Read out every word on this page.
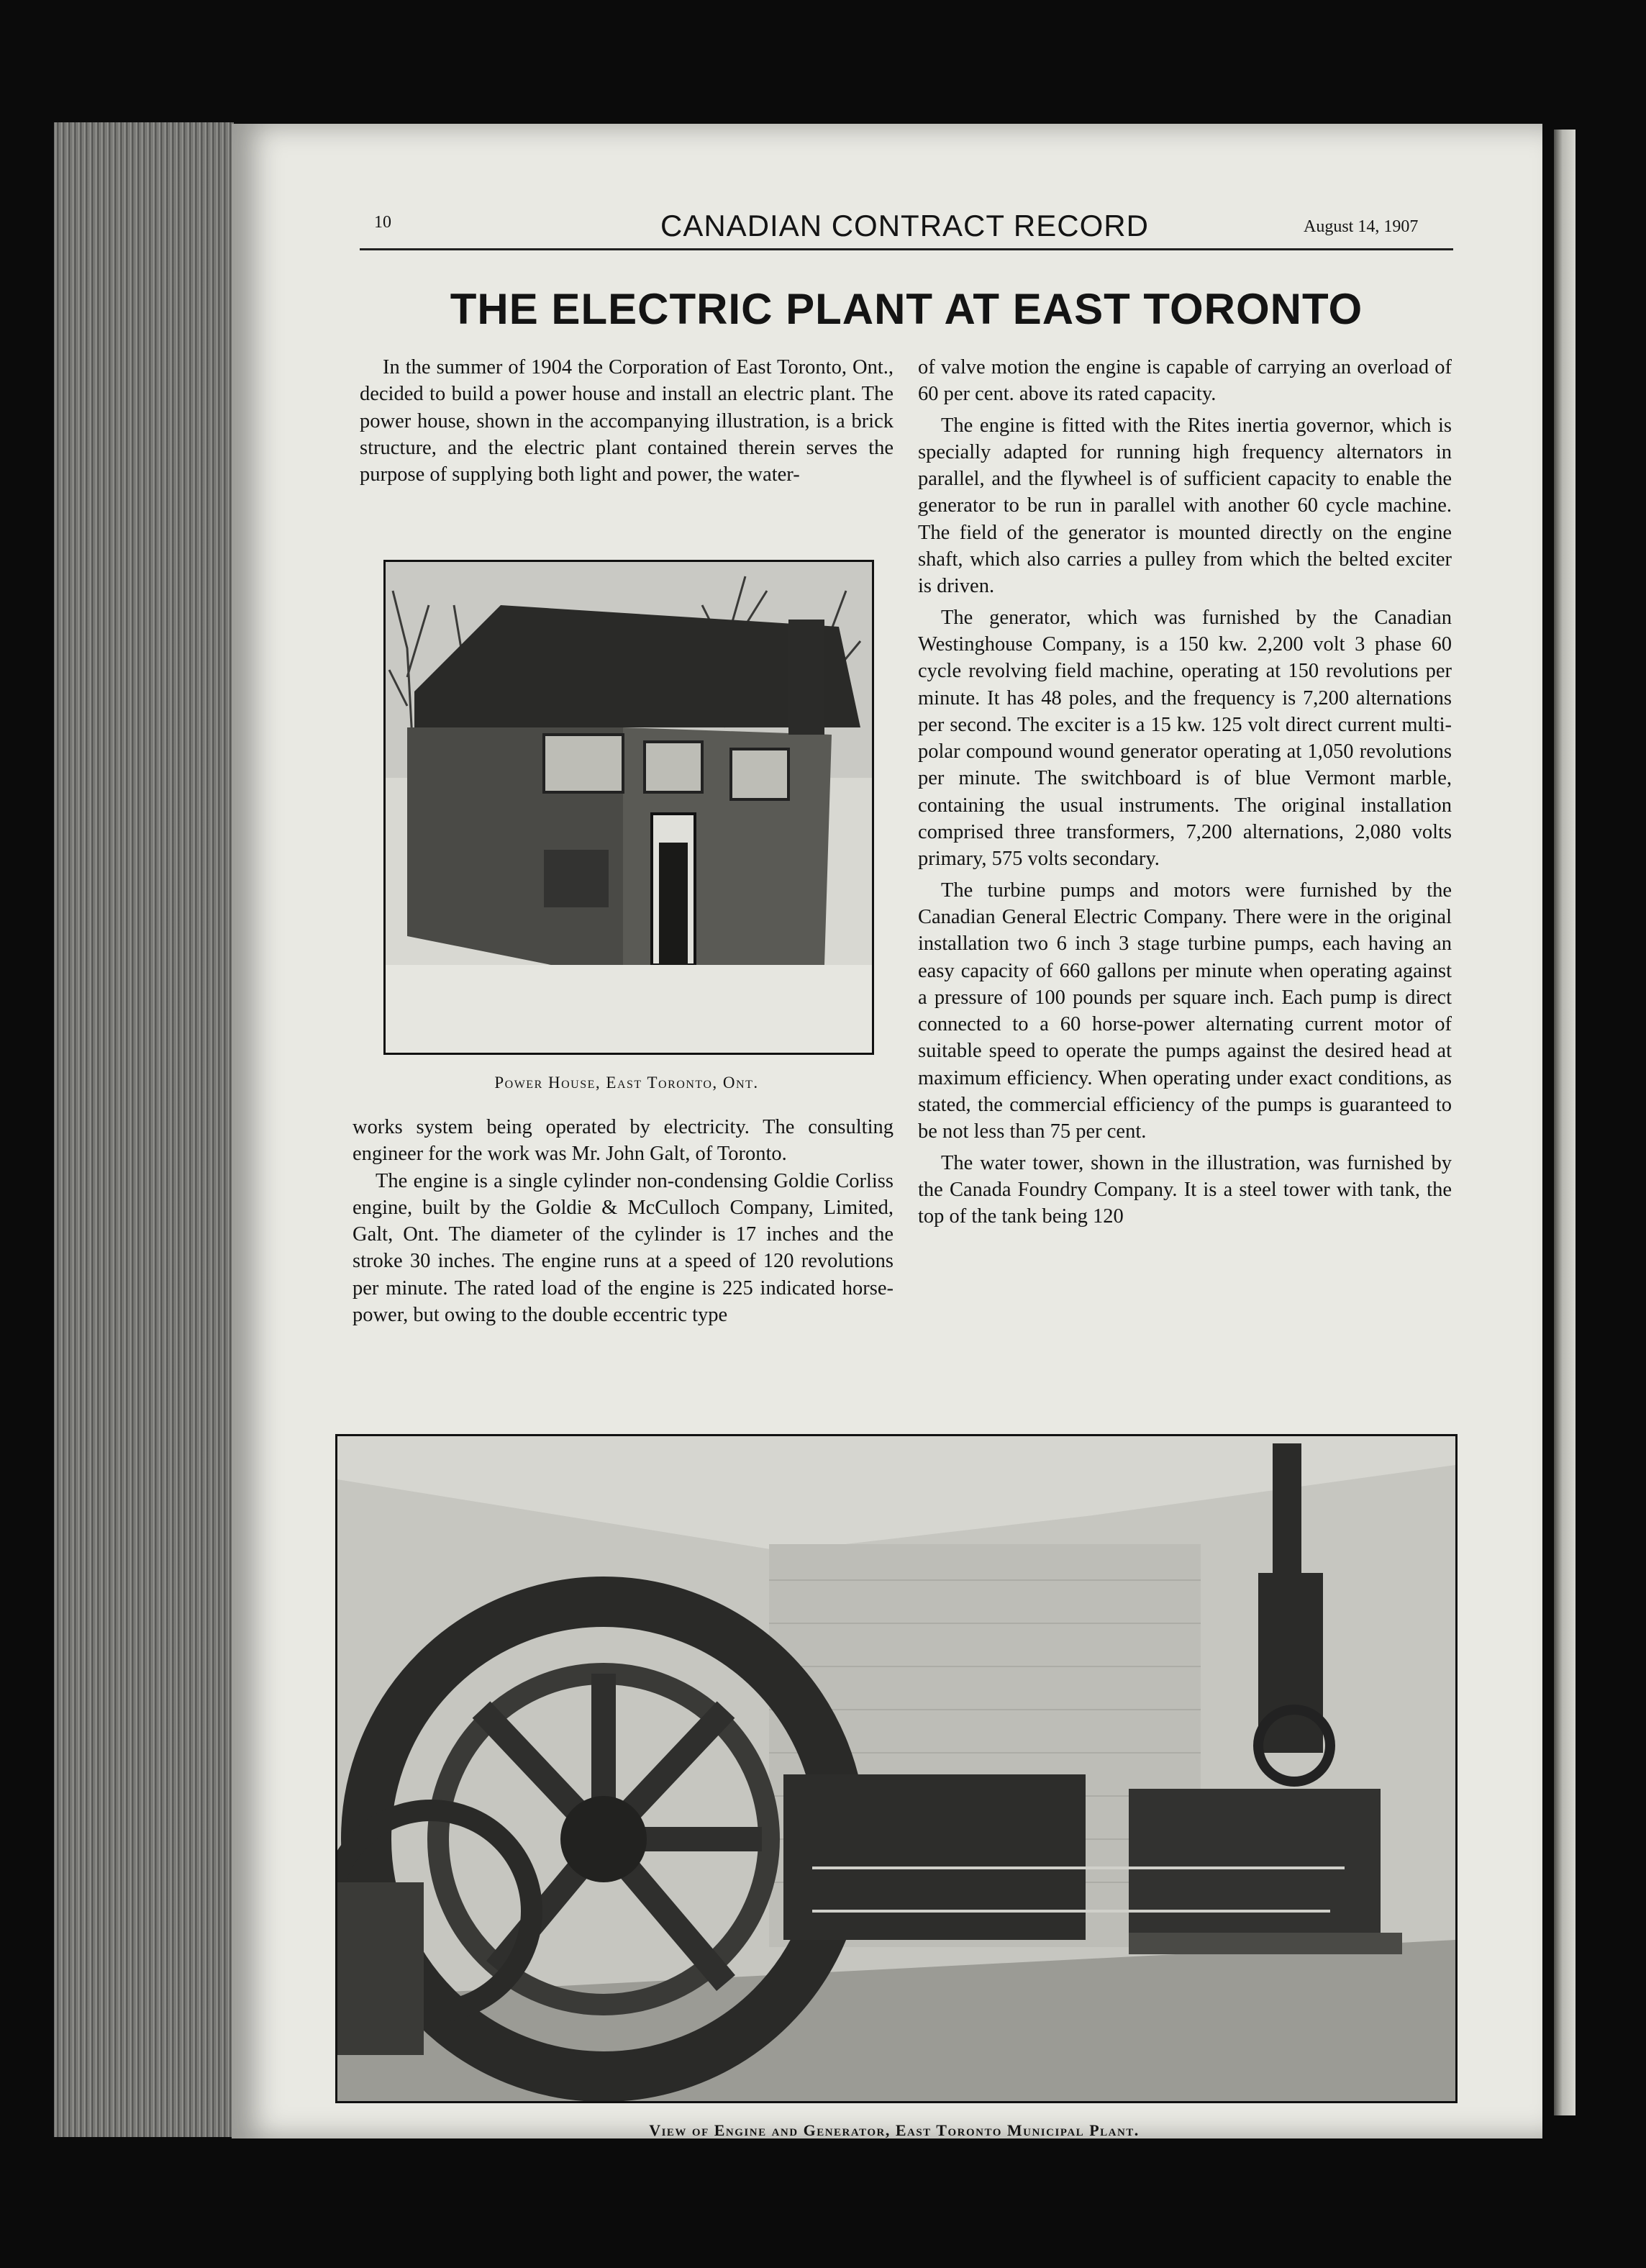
10	CANADIAN CONTRACT RECORD	August 14, 1907
THE ELECTRIC PLANT AT EAST TORONTO

In the summer of 1904 the Corporation of East Toronto, Ont., decided to build a power house and install an electric plant. The power house, shown in the accompanying illustration, is a brick structure, and the electric plant contained therein serves the purpose of supplying both light and power, the water-

Power House, East Toronto, Ont.

works system being operated by electricity. The consulting engineer for the work was Mr. John Galt, of Toronto.

The engine is a single cylinder non-condensing Goldie Corliss engine, built by the Goldie & McCulloch Company, Limited, Galt, Ont. The diameter of the cylinder is 17 inches and the stroke 30 inches. The engine runs at a speed of 120 revolutions per minute. The rated load of the engine is 225 indicated horse-power, but owing to the double eccentric type

of valve motion the engine is capable of carrying an overload of 60 per cent. above its rated capacity.

The engine is fitted with the Rites inertia governor, which is specially adapted for running high frequency alternators in parallel, and the flywheel is of sufficient capacity to enable the generator to be run in parallel with another 60 cycle machine. The field of the generator is mounted directly on the engine shaft, which also carries a pulley from which the belted exciter is driven.

The generator, which was furnished by the Canadian Westinghouse Company, is a 150 kw. 2,200 volt 3 phase 60 cycle revolving field machine, operating at 150 revolutions per minute. It has 48 poles, and the frequency is 7,200 alternations per second. The exciter is a 15 kw. 125 volt direct current multi-polar compound wound generator operating at 1,050 revolutions per minute. The switchboard is of blue Vermont marble, containing the usual instruments. The original installation comprised three transformers, 7,200 alternations, 2,080 volts primary, 575 volts secondary.

The turbine pumps and motors were furnished by the Canadian General Electric Company. There were in the original installation two 6 inch 3 stage turbine pumps, each having an easy capacity of 660 gallons per minute when operating against a pressure of 100 pounds per square inch. Each pump is direct connected to a 60 horse-power alternating current motor of suitable speed to operate the pumps against the desired head at maximum efficiency. When operating under exact conditions, as stated, the commercial efficiency of the pumps is guaranteed to be not less than 75 per cent.

The water tower, shown in the illustration, was furnished by the Canada Foundry Company. It is a steel tower with tank, the top of the tank being 120

View of Engine and Generator, East Toronto Municipal Plant.
